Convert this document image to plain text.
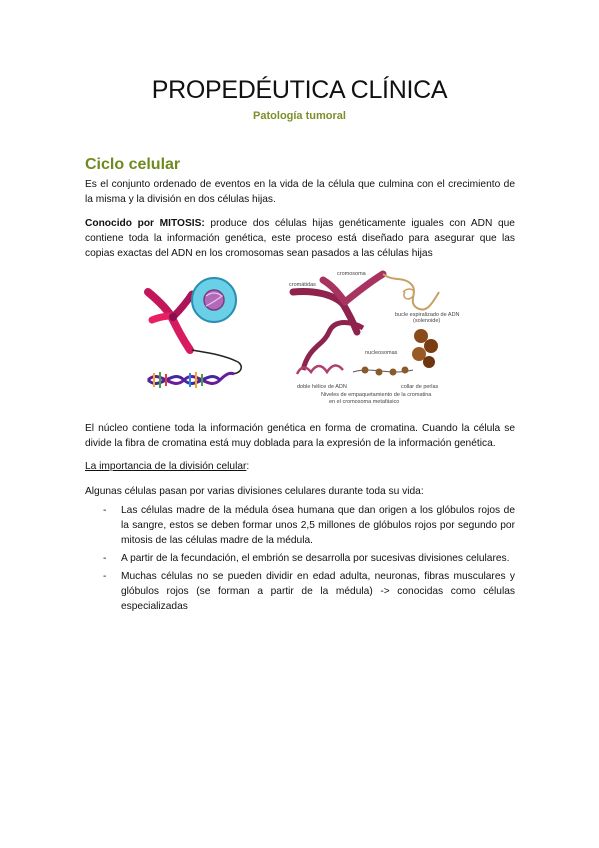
PROPEDÉUTICA CLÍNICA
Patología tumoral
Ciclo celular
Es el conjunto ordenado de eventos en la vida de la célula que culmina con el crecimiento de la misma y la división en dos células hijas.
Conocido por MITOSIS: produce dos células hijas genéticamente iguales con ADN que contiene toda la información genética, este proceso está diseñado para asegurar que las copias exactas del ADN en los cromosomas sean pasados a las células hijas
cromosoma
cromátidas
bucle espiralizado de ADN
(solenoide)
nucleosomas
doble hélice de ADN	collar de perlas
Niveles de empaquetamiento de la cromatina
en el cromosoma metafásico
El núcleo contiene toda la información genética en forma de cromatina. Cuando la célula se divide la fibra de cromatina está muy doblada para la expresión de la información genética.
La importancia de la división celular:
Algunas células pasan por varias divisiones celulares durante toda su vida:
- Las células madre de la médula ósea humana que dan origen a los glóbulos rojos de la sangre, estos se deben formar unos 2,5 millones de glóbulos rojos por segundo por mitosis de las células madre de la médula.
- A partir de la fecundación, el embrión se desarrolla por sucesivas divisiones celulares.
- Muchas células no se pueden dividir en edad adulta, neuronas, fibras musculares y glóbulos rojos (se forman a partir de la médula) -> conocidas como células especializadas
